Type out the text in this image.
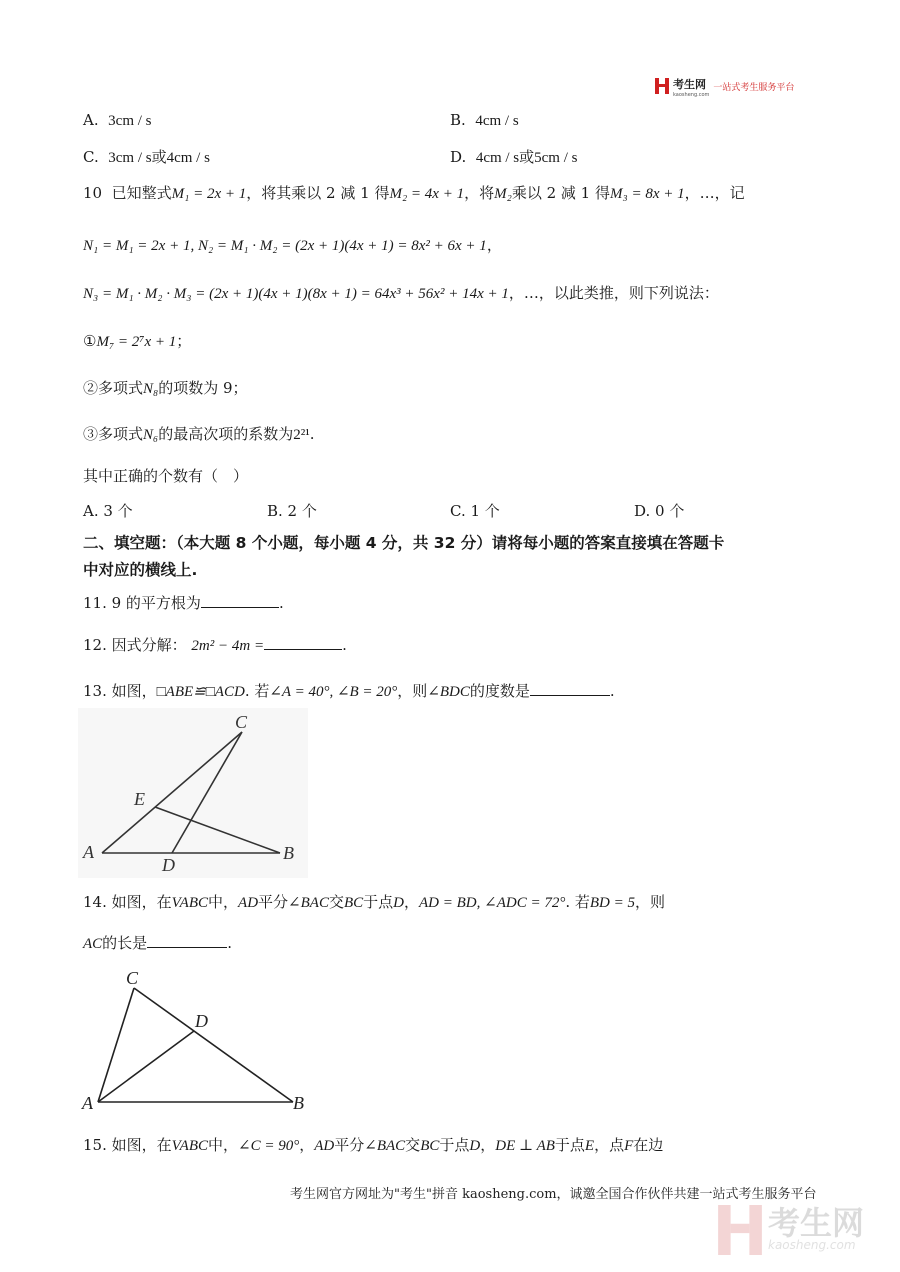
考生网
kaosheng.com
一站式考生服务平台
A. 3cm / s	B. 4cm / s
C. 3cm / s或4cm / s	D. 4cm / s或5cm / s
10 已知整式M₁ = 2x + 1，将其乘以 2 减 1 得M₂ = 4x + 1，将M₂乘以 2 减 1 得M₃ = 8x + 1，…，记
N₁ = M₁ = 2x + 1, N₂ = M₁ · M₂ = (2x + 1)(4x + 1) = 8x² + 6x + 1，
N₃ = M₁ · M₂ · M₃ = (2x + 1)(4x + 1)(8x + 1) = 64x³ + 56x² + 14x + 1，…，以此类推，则下列说法：
①M₇ = 2⁷x + 1；
②多项式N₈的项数为 9；
③多项式N₆的最高次项的系数为2²¹.
其中正确的个数有（　）
A. 3 个	B. 2 个	C. 1 个	D. 0 个
二、填空题：（本大题 8 个小题，每小题 4 分，共 32 分）请将每小题的答案直接填在答题卡
中对应的横线上.
11. 9 的平方根为	.
12. 因式分解： 2m² − 4m =	.
13. 如图，□ABE≌□ACD. 若∠A = 40°, ∠B = 20°，则∠BDC的度数是	.
A	B
C
D
E
14. 如图，在VABC中，AD平分∠BAC交BC于点D，AD = BD, ∠ADC = 72°. 若BD = 5，则
AC的长是	.
A	B
C
D
15. 如图，在VABC中，∠C = 90°，AD平分∠BAC交BC于点D，DE ⊥ AB于点E，点F在边
考生网官方网址为"考生"拼音 kaosheng.com，诚邀全国合作伙伴共建一站式考生服务平台
考生网
kaosheng.com
